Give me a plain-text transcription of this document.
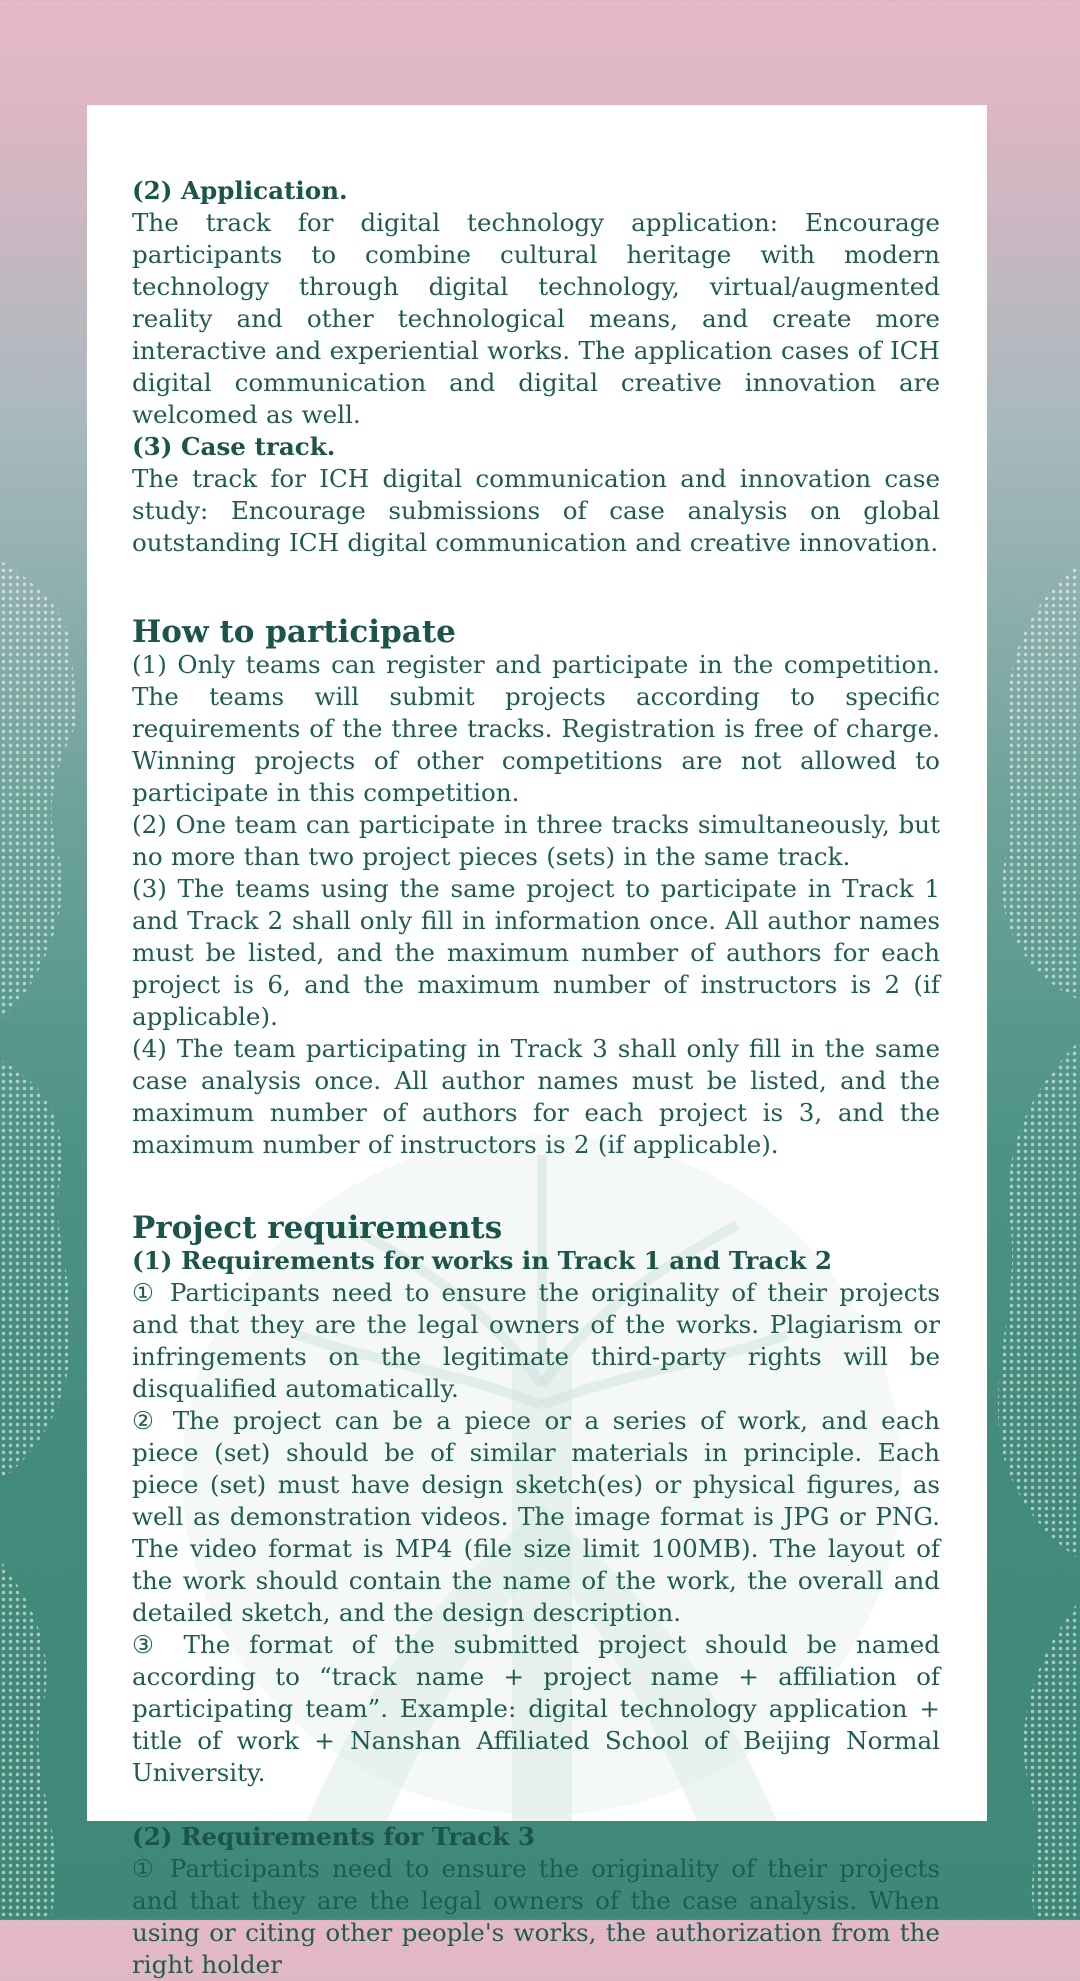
(2) Application.

The track for digital technology application: Encourage participants to combine cultural heritage with modern technology through digital technology, virtual/augmented reality and other technological means, and create more interactive and experiential works. The application cases of ICH digital communication and digital creative innovation are welcomed as well.

(3) Case track.

The track for ICH digital communication and innovation case study: Encourage submissions of case analysis on global outstanding ICH digital communication and creative innovation.

How to participate

(1) Only teams can register and participate in the competition. The teams will submit projects according to specific requirements of the three tracks. Registration is free of charge. Winning projects of other competitions are not allowed to participate in this competition.

(2) One team can participate in three tracks simultaneously, but no more than two project pieces (sets) in the same track.

(3) The teams using the same project to participate in Track 1 and Track 2 shall only fill in information once. All author names must be listed, and the maximum number of authors for each project is 6, and the maximum number of instructors is 2 (if applicable).

(4) The team participating in Track 3 shall only fill in the same case analysis once. All author names must be listed, and the maximum number of authors for each project is 3, and the maximum number of instructors is 2 (if applicable).

Project requirements

(1) Requirements for works in Track 1 and Track 2

① Participants need to ensure the originality of their projects and that they are the legal owners of the works. Plagiarism or infringements on the legitimate third-party rights will be disqualified automatically.

② The project can be a piece or a series of work, and each piece (set) should be of similar materials in principle. Each piece (set) must have design sketch(es) or physical figures, as well as demonstration videos. The image format is JPG or PNG. The video format is MP4 (file size limit 100MB). The layout of the work should contain the name of the work, the overall and detailed sketch, and the design description.

③ The format of the submitted project should be named according to “track name + project name + affiliation of participating team”. Example: digital technology application + title of work + Nanshan Affiliated School of Beijing Normal University.

(2) Requirements for Track 3

① Participants need to ensure the originality of their projects and that they are the legal owners of the case analysis. When using or citing other people's works, the authorization from the right holder
